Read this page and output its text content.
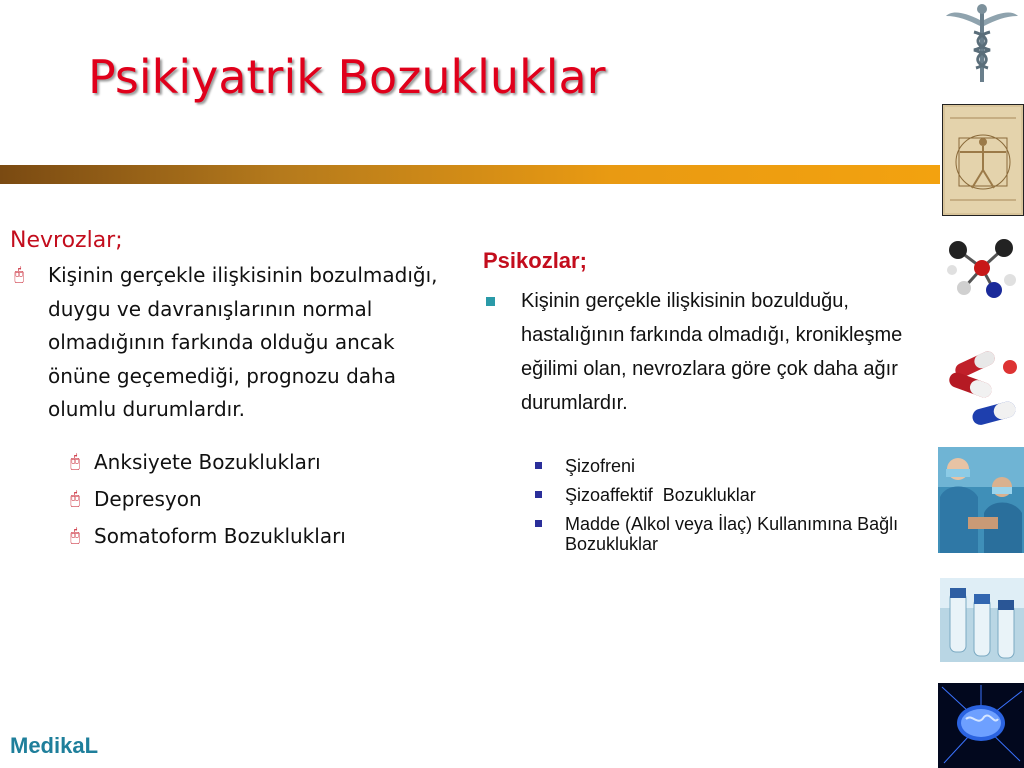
Psikiyatrik Bozukluklar
Nevrozlar;
🖰 Kişinin gerçekle ilişkisinin bozulmadığı, duygu ve davranışlarının normal olmadığının farkında olduğu ancak önüne geçemediği, prognozu daha olumlu durumlardır.
🖰 Anksiyete Bozuklukları
🖰 Depresyon
🖰 Somatoform Bozuklukları
Psikozlar;
Kişinin gerçekle ilişkisinin bozulduğu, hastalığının farkında olmadığı, kronikleşme eğilimi olan, nevrozlara göre çok daha ağır durumlardır.
Şizofreni
Şizoaffektif  Bozukluklar
Madde (Alkol veya İlaç) Kullanımına Bağlı Bozukluklar
MedikaL
